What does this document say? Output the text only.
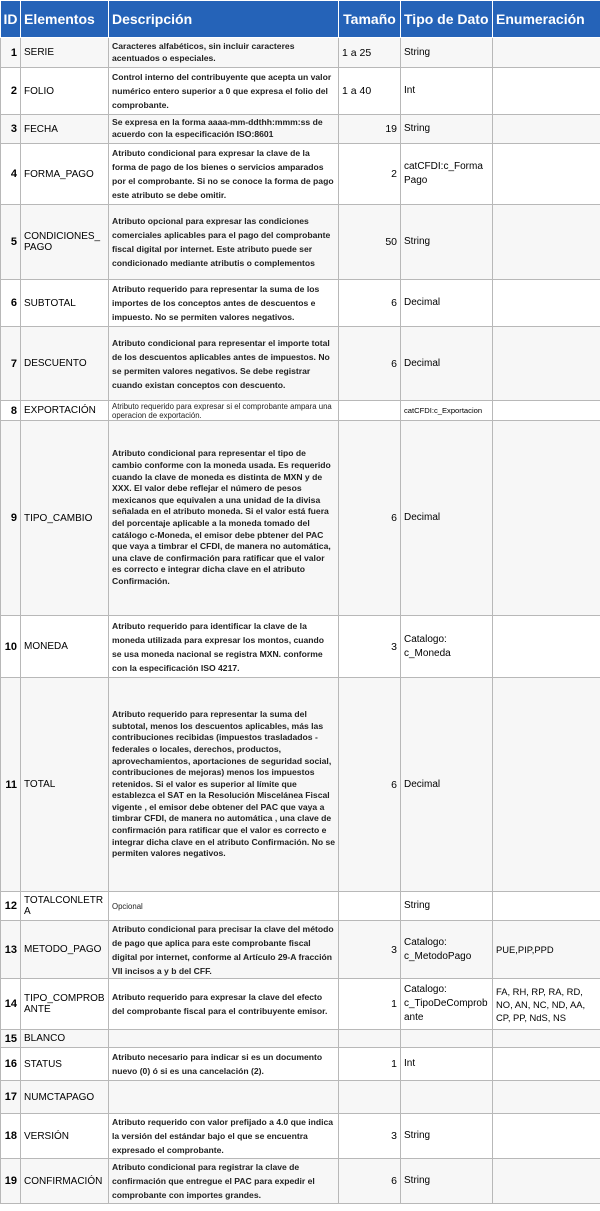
ID	Elementos	Descripción	Tamaño	Tipo de Dato	Enumeración
1	SERIE	Caracteres alfabéticos, sin incluir caracteres acentuados o especiales.	1 a 25	String	
2	FOLIO	Control interno del contribuyente que acepta un valor numérico entero superior a 0 que expresa el folio del comprobante.	1 a 40	Int	
3	FECHA	Se expresa en la forma aaaa-mm-ddthh:mmm:ss de acuerdo con la especificación ISO:8601	19	String	
4	FORMA_PAGO	Atributo condicional para expresar la clave de la forma de pago de los bienes o servicios amparados por el comprobante. Si no se conoce la forma de pago este atributo se debe omitir.	2	catCFDI:c_FormaPago	
5	CONDICIONES_PAGO	Atributo opcional para expresar las condiciones comerciales aplicables para el pago del comprobante fiscal digital por internet. Este atributo puede ser condicionado mediante atributis o complementos	50	String	
6	SUBTOTAL	Atributo requerido para representar la suma de los importes de los conceptos antes de descuentos e impuesto. No se permiten valores negativos.	6	Decimal	
7	DESCUENTO	Atributo condicional para representar el importe total de los descuentos aplicables antes de impuestos. No se permiten valores negativos. Se debe registrar cuando existan conceptos con descuento.	6	Decimal	
8	EXPORTACIÓN	Atributo requerido para expresar si el comprobante ampara una operacion de exportación.		catCFDI:c_Exportacion	
9	TIPO_CAMBIO	Atributo condicional para representar el tipo de cambio conforme con la moneda usada. Es requerido cuando la clave de moneda es distinta de MXN y de XXX. El valor debe reflejar el número de pesos mexicanos que equivalen a una unidad de la divisa señalada en el atributo moneda. Si el valor está fuera del porcentaje aplicable a la moneda tomado del catálogo c-Moneda, el emisor debe pbtener del PAC que vaya a timbrar el CFDI, de manera no automática, una clave de confirmación para ratificar que el valor es correcto e integrar dicha clave en el atributo Confirmación.	6	Decimal	
10	MONEDA	Atributo requerido para identificar la clave de la moneda utilizada para expresar los montos, cuando se usa moneda nacional se registra MXN. conforme con la especificación ISO 4217.	3	Catalogo: c_Moneda	
11	TOTAL	Atributo requerido para representar la suma del subtotal, menos los descuentos aplicables, más las contribuciones recibidas (impuestos trasladados - federales o locales, derechos, productos, aprovechamientos, aportaciones de seguridad social, contribuciones de mejoras) menos los impuestos retenidos. Si el valor es superior al límite que establezca el SAT en la Resolución Miscelánea Fiscal vigente , el emisor debe obtener del PAC que vaya a timbrar CFDI, de manera no automática , una clave de confirmación para ratificar que el valor es correcto e integrar dicha clave en el atributo Confirmación. No se permiten valores negativos.	6	Decimal	
12	TOTALCONLETRA	Opcional		String	
13	METODO_PAGO	Atributo condicional para precisar la clave del método de pago que aplica para este comprobante fiscal digital por internet, conforme al Artículo 29-A fracción VII incisos a y b del CFF.	3	Catalogo: c_MetodoPago	PUE,PIP,PPD
14	TIPO_COMPROBANTE	Atributo requerido para expresar la clave del efecto del comprobante fiscal para el contribuyente emisor.	1	Catalogo: c_TipoDeComprobante	FA, RH, RP, RA, RD, NO, AN, NC, ND, AA, CP, PP, NdS, NS
15	BLANCO				
16	STATUS	Atributo necesario para indicar si es un documento nuevo (0) ó si es una cancelación (2).	1	Int	
17	NUMCTAPAGO				
18	VERSIÓN	Atributo requerido con valor prefijado a 4.0 que indica la versión del estándar bajo el que se encuentra expresado el comprobante.	3	String	
19	CONFIRMACIÓN	Atributo condicional para registrar la clave de confirmación que entregue el PAC para expedir el comprobante con importes grandes.	6	String	
